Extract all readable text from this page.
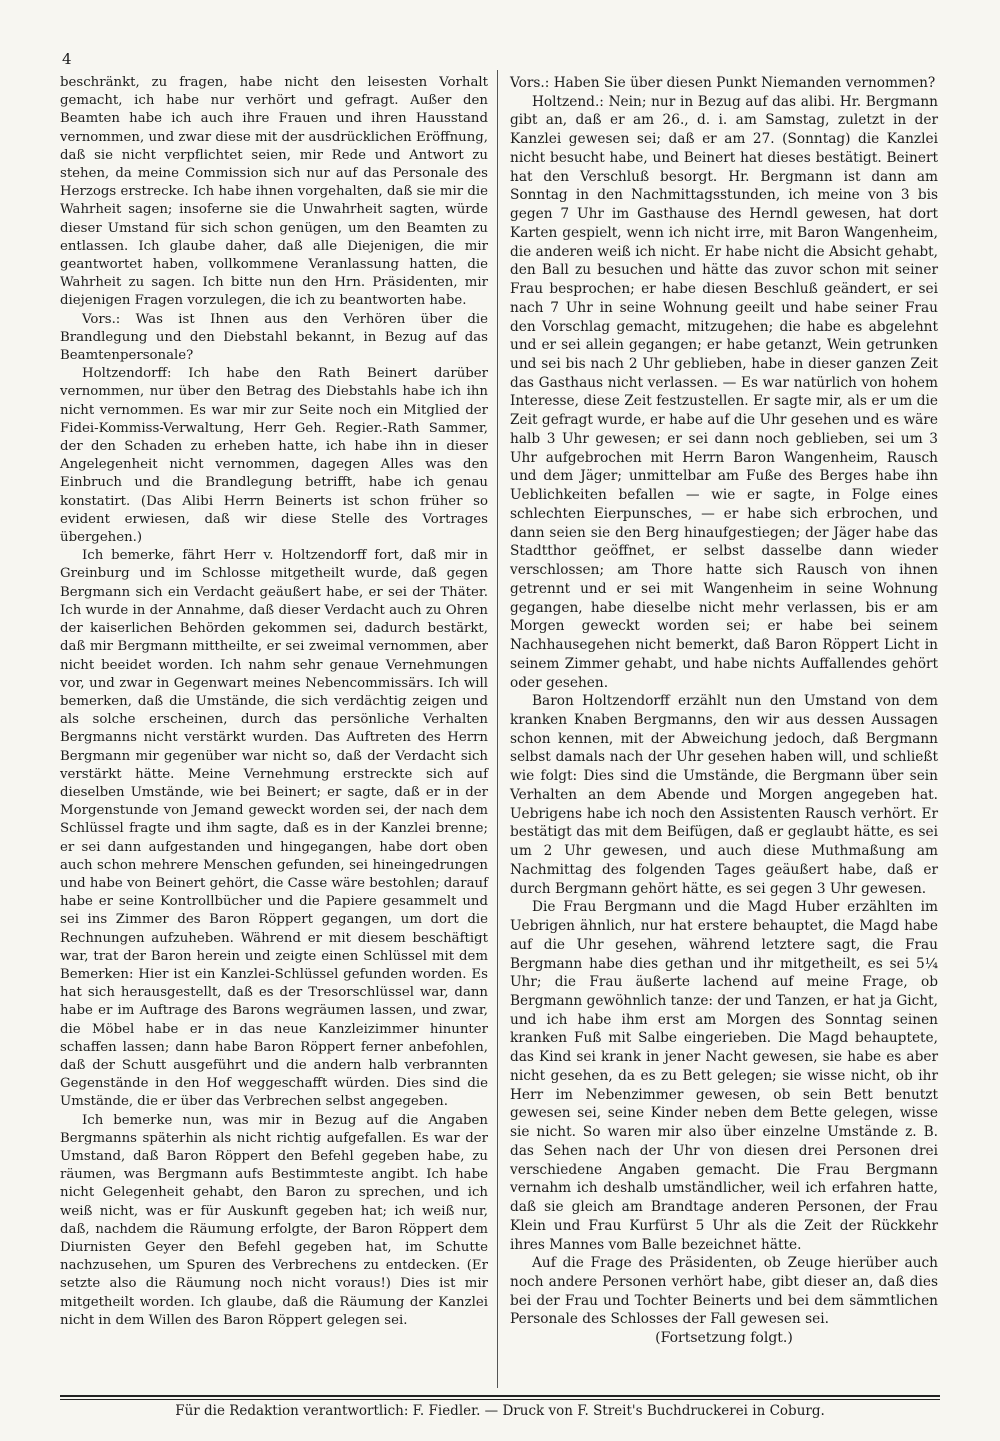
4

beschränkt, zu fragen, habe nicht den leisesten Vorhalt gemacht, ich habe nur verhört und gefragt. Außer den Beamten habe ich auch ihre Frauen und ihren Hausstand vernommen, und zwar diese mit der ausdrücklichen Eröffnung, daß sie nicht verpflichtet seien, mir Rede und Antwort zu stehen, da meine Commission sich nur auf das Personale des Herzogs erstrecke. Ich habe ihnen vorgehalten, daß sie mir die Wahrheit sagen; insoferne sie die Unwahrheit sagten, würde dieser Umstand für sich schon genügen, um den Beamten zu entlassen. Ich glaube daher, daß alle Diejenigen, die mir geantwortet haben, vollkommene Veranlassung hatten, die Wahrheit zu sagen. Ich bitte nun den Hrn. Präsidenten, mir diejenigen Fragen vorzulegen, die ich zu beantworten habe.

Vors.: Was ist Ihnen aus den Verhören über die Brandlegung und den Diebstahl bekannt, in Bezug auf das Beamtenpersonale?

Holtzendorff: Ich habe den Rath Beinert darüber vernommen, nur über den Betrag des Diebstahls habe ich ihn nicht vernommen. Es war mir zur Seite noch ein Mitglied der Fidei-Kommiss-Verwaltung, Herr Geh. Regier.-Rath Sammer, der den Schaden zu erheben hatte, ich habe ihn in dieser Angelegenheit nicht vernommen, dagegen Alles was den Einbruch und die Brandlegung betrifft, habe ich genau konstatirt. (Das Alibi Herrn Beinerts ist schon früher so evident erwiesen, daß wir diese Stelle des Vortrages übergehen.)

Ich bemerke, fährt Herr v. Holtzendorff fort, daß mir in Greinburg und im Schlosse mitgetheilt wurde, daß gegen Bergmann sich ein Verdacht geäußert habe, er sei der Thäter. Ich wurde in der Annahme, daß dieser Verdacht auch zu Ohren der kaiserlichen Behörden gekommen sei, dadurch bestärkt, daß mir Bergmann mittheilte, er sei zweimal vernommen, aber nicht beeidet worden. Ich nahm sehr genaue Vernehmungen vor, und zwar in Gegenwart meines Nebencommissärs. Ich will bemerken, daß die Umstände, die sich verdächtig zeigen und als solche erscheinen, durch das persönliche Verhalten Bergmanns nicht verstärkt wurden. Das Auftreten des Herrn Bergmann mir gegenüber war nicht so, daß der Verdacht sich verstärkt hätte. Meine Vernehmung erstreckte sich auf dieselben Umstände, wie bei Beinert; er sagte, daß er in der Morgenstunde von Jemand geweckt worden sei, der nach dem Schlüssel fragte und ihm sagte, daß es in der Kanzlei brenne; er sei dann aufgestanden und hingegangen, habe dort oben auch schon mehrere Menschen gefunden, sei hineingedrungen und habe von Beinert gehört, die Casse wäre bestohlen; darauf habe er seine Kontrollbücher und die Papiere gesammelt und sei ins Zimmer des Baron Röppert gegangen, um dort die Rechnungen aufzuheben. Während er mit diesem beschäftigt war, trat der Baron herein und zeigte einen Schlüssel mit dem Bemerken: Hier ist ein Kanzlei-Schlüssel gefunden worden. Es hat sich herausgestellt, daß es der Tresorschlüssel war, dann habe er im Auftrage des Barons wegräumen lassen, und zwar, die Möbel habe er in das neue Kanzleizimmer hinunter schaffen lassen; dann habe Baron Röppert ferner anbefohlen, daß der Schutt ausgeführt und die andern halb verbrannten Gegenstände in den Hof weggeschafft würden. Dies sind die Umstände, die er über das Verbrechen selbst angegeben.

Ich bemerke nun, was mir in Bezug auf die Angaben Bergmanns späterhin als nicht richtig aufgefallen. Es war der Umstand, daß Baron Röppert den Befehl gegeben habe, zu räumen, was Bergmann aufs Bestimmteste angibt. Ich habe nicht Gelegenheit gehabt, den Baron zu sprechen, und ich weiß nicht, was er für Auskunft gegeben hat; ich weiß nur, daß, nachdem die Räumung erfolgte, der Baron Röppert dem Diurnisten Geyer den Befehl gegeben hat, im Schutte nachzusehen, um Spuren des Verbrechens zu entdecken. (Er setzte also die Räumung noch nicht voraus!) Dies ist mir mitgetheilt worden. Ich glaube, daß die Räumung der Kanzlei nicht in dem Willen des Baron Röppert gelegen sei.

Vors.: Haben Sie über diesen Punkt Niemanden vernommen?

Holtzend.: Nein; nur in Bezug auf das alibi. Hr. Bergmann gibt an, daß er am 26., d. i. am Samstag, zuletzt in der Kanzlei gewesen sei; daß er am 27. (Sonntag) die Kanzlei nicht besucht habe, und Beinert hat dieses bestätigt. Beinert hat den Verschluß besorgt. Hr. Bergmann ist dann am Sonntag in den Nachmittagsstunden, ich meine von 3 bis gegen 7 Uhr im Gasthause des Herndl gewesen, hat dort Karten gespielt, wenn ich nicht irre, mit Baron Wangenheim, die anderen weiß ich nicht. Er habe nicht die Absicht gehabt, den Ball zu besuchen und hätte das zuvor schon mit seiner Frau besprochen; er habe diesen Beschluß geändert, er sei nach 7 Uhr in seine Wohnung geeilt und habe seiner Frau den Vorschlag gemacht, mitzugehen; die habe es abgelehnt und er sei allein gegangen; er habe getanzt, Wein getrunken und sei bis nach 2 Uhr geblieben, habe in dieser ganzen Zeit das Gasthaus nicht verlassen. — Es war natürlich von hohem Interesse, diese Zeit festzustellen. Er sagte mir, als er um die Zeit gefragt wurde, er habe auf die Uhr gesehen und es wäre halb 3 Uhr gewesen; er sei dann noch geblieben, sei um 3 Uhr aufgebrochen mit Herrn Baron Wangenheim, Rausch und dem Jäger; unmittelbar am Fuße des Berges habe ihn Ueblichkeiten befallen — wie er sagte, in Folge eines schlechten Eierpunsches, — er habe sich erbrochen, und dann seien sie den Berg hinaufgestiegen; der Jäger habe das Stadtthor geöffnet, er selbst dasselbe dann wieder verschlossen; am Thore hatte sich Rausch von ihnen getrennt und er sei mit Wangenheim in seine Wohnung gegangen, habe dieselbe nicht mehr verlassen, bis er am Morgen geweckt worden sei; er habe bei seinem Nachhausegehen nicht bemerkt, daß Baron Röppert Licht in seinem Zimmer gehabt, und habe nichts Auffallendes gehört oder gesehen.

Baron Holtzendorff erzählt nun den Umstand von dem kranken Knaben Bergmanns, den wir aus dessen Aussagen schon kennen, mit der Abweichung jedoch, daß Bergmann selbst damals nach der Uhr gesehen haben will, und schließt wie folgt: Dies sind die Umstände, die Bergmann über sein Verhalten an dem Abende und Morgen angegeben hat. Uebrigens habe ich noch den Assistenten Rausch verhört. Er bestätigt das mit dem Beifügen, daß er geglaubt hätte, es sei um 2 Uhr gewesen, und auch diese Muthmaßung am Nachmittag des folgenden Tages geäußert habe, daß er durch Bergmann gehört hätte, es sei gegen 3 Uhr gewesen.

Die Frau Bergmann und die Magd Huber erzählten im Uebrigen ähnlich, nur hat erstere behauptet, die Magd habe auf die Uhr gesehen, während letztere sagt, die Frau Bergmann habe dies gethan und ihr mitgetheilt, es sei 5¼ Uhr; die Frau äußerte lachend auf meine Frage, ob Bergmann gewöhnlich tanze: der und Tanzen, er hat ja Gicht, und ich habe ihm erst am Morgen des Sonntag seinen kranken Fuß mit Salbe eingerieben. Die Magd behauptete, das Kind sei krank in jener Nacht gewesen, sie habe es aber nicht gesehen, da es zu Bett gelegen; sie wisse nicht, ob ihr Herr im Nebenzimmer gewesen, ob sein Bett benutzt gewesen sei, seine Kinder neben dem Bette gelegen, wisse sie nicht. So waren mir also über einzelne Umstände z. B. das Sehen nach der Uhr von diesen drei Personen drei verschiedene Angaben gemacht. Die Frau Bergmann vernahm ich deshalb umständlicher, weil ich erfahren hatte, daß sie gleich am Brandtage anderen Personen, der Frau Klein und Frau Kurfürst 5 Uhr als die Zeit der Rückkehr ihres Mannes vom Balle bezeichnet hätte.

Auf die Frage des Präsidenten, ob Zeuge hierüber auch noch andere Personen verhört habe, gibt dieser an, daß dies bei der Frau und Tochter Beinerts und bei dem sämmtlichen Personale des Schlosses der Fall gewesen sei.

(Fortsetzung folgt.)

Für die Redaktion verantwortlich: F. Fiedler. — Druck von F. Streit's Buchdruckerei in Coburg.
